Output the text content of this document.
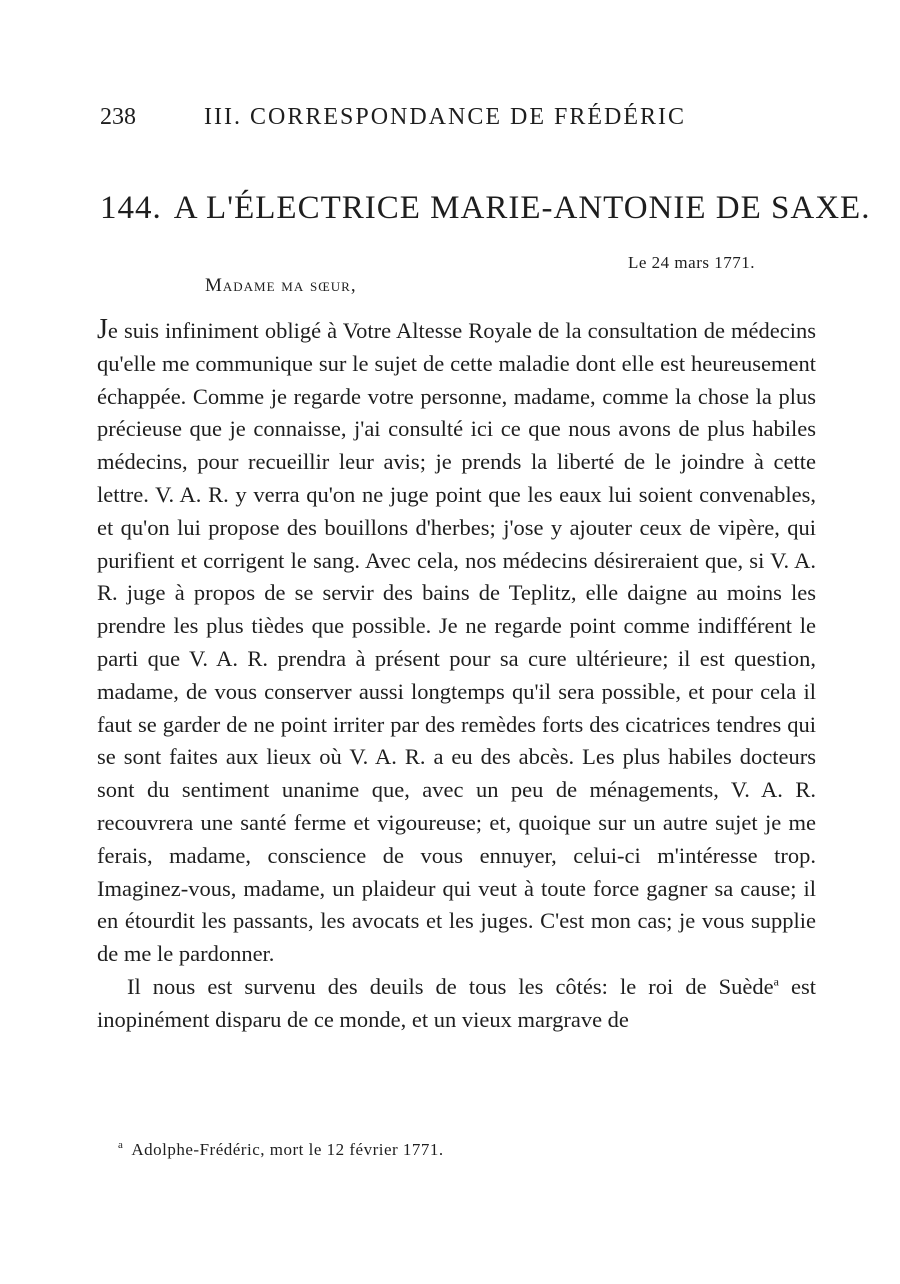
238	III. CORRESPONDANCE DE FRÉDÉRIC
144. A L'ÉLECTRICE MARIE-ANTONIE DE SAXE.
Le 24 mars 1771.
Madame ma sœur,

Je suis infiniment obligé à Votre Altesse Royale de la consultation de médecins qu'elle me communique sur le sujet de cette maladie dont elle est heureusement échappée. Comme je regarde votre personne, madame, comme la chose la plus précieuse que je connaisse, j'ai consulté ici ce que nous avons de plus habiles médecins, pour recueillir leur avis; je prends la liberté de le joindre à cette lettre. V. A. R. y verra qu'on ne juge point que les eaux lui soient convenables, et qu'on lui propose des bouillons d'herbes; j'ose y ajouter ceux de vipère, qui purifient et corrigent le sang. Avec cela, nos médecins désireraient que, si V. A. R. juge à propos de se servir des bains de Teplitz, elle daigne au moins les prendre les plus tièdes que possible. Je ne regarde point comme indifférent le parti que V. A. R. prendra à présent pour sa cure ultérieure; il est question, madame, de vous conserver aussi longtemps qu'il sera possible, et pour cela il faut se garder de ne point irriter par des remèdes forts des cicatrices tendres qui se sont faites aux lieux où V. A. R. a eu des abcès. Les plus habiles docteurs sont du sentiment unanime que, avec un peu de ménagements, V. A. R. recouvrera une santé ferme et vigoureuse; et, quoique sur un autre sujet je me ferais, madame, conscience de vous ennuyer, celui-ci m'intéresse trop. Imaginez-vous, madame, un plaideur qui veut à toute force gagner sa cause; il en étourdit les passants, les avocats et les juges. C'est mon cas; je vous supplie de me le pardonner.

Il nous est survenu des deuils de tous les côtés: le roi de Suède$^a$ est inopinément disparu de ce monde, et un vieux margrave de

$^a$ Adolphe-Frédéric, mort le 12 février 1771.
